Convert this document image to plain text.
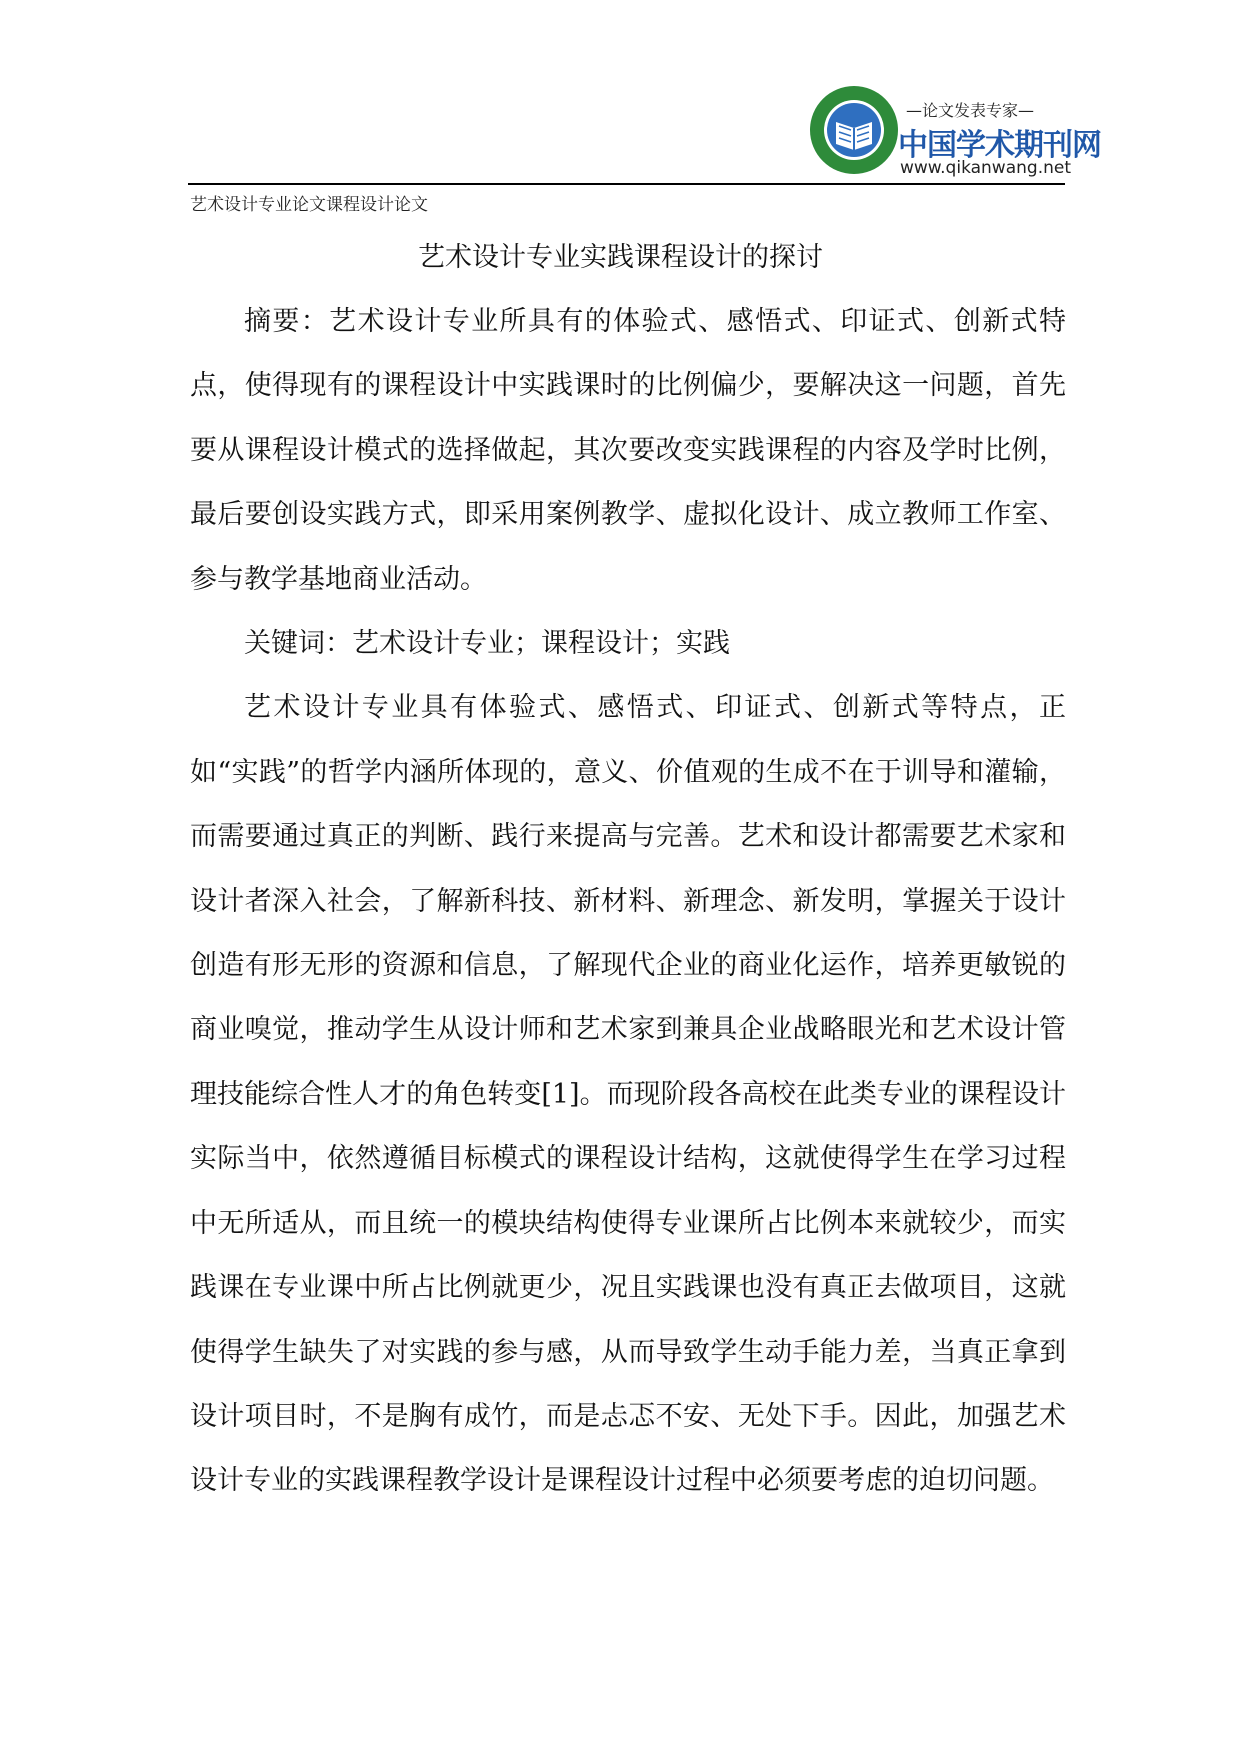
—论文发表专家—
中国学术期刊网
www.qikanwang.net
艺术设计专业论文课程设计论文
艺术设计专业实践课程设计的探讨

摘要：艺术设计专业所具有的体验式、感悟式、印证式、创新式特点，使得现有的课程设计中实践课时的比例偏少，要解决这一问题，首先要从课程设计模式的选择做起，其次要改变实践课程的内容及学时比例，最后要创设实践方式，即采用案例教学、虚拟化设计、成立教师工作室、参与教学基地商业活动。

关键词：艺术设计专业；课程设计；实践

艺术设计专业具有体验式、感悟式、印证式、创新式等特点，正如“实践”的哲学内涵所体现的，意义、价值观的生成不在于训导和灌输，而需要通过真正的判断、践行来提高与完善。艺术和设计都需要艺术家和设计者深入社会，了解新科技、新材料、新理念、新发明，掌握关于设计创造有形无形的资源和信息，了解现代企业的商业化运作，培养更敏锐的商业嗅觉，推动学生从设计师和艺术家到兼具企业战略眼光和艺术设计管理技能综合性人才的角色转变[1]。而现阶段各高校在此类专业的课程设计实际当中，依然遵循目标模式的课程设计结构，这就使得学生在学习过程中无所适从，而且统一的模块结构使得专业课所占比例本来就较少，而实践课在专业课中所占比例就更少，况且实践课也没有真正去做项目，这就使得学生缺失了对实践的参与感，从而导致学生动手能力差，当真正拿到设计项目时，不是胸有成竹，而是忐忑不安、无处下手。因此，加强艺术设计专业的实践课程教学设计是课程设计过程中必须要考虑的迫切问题。
